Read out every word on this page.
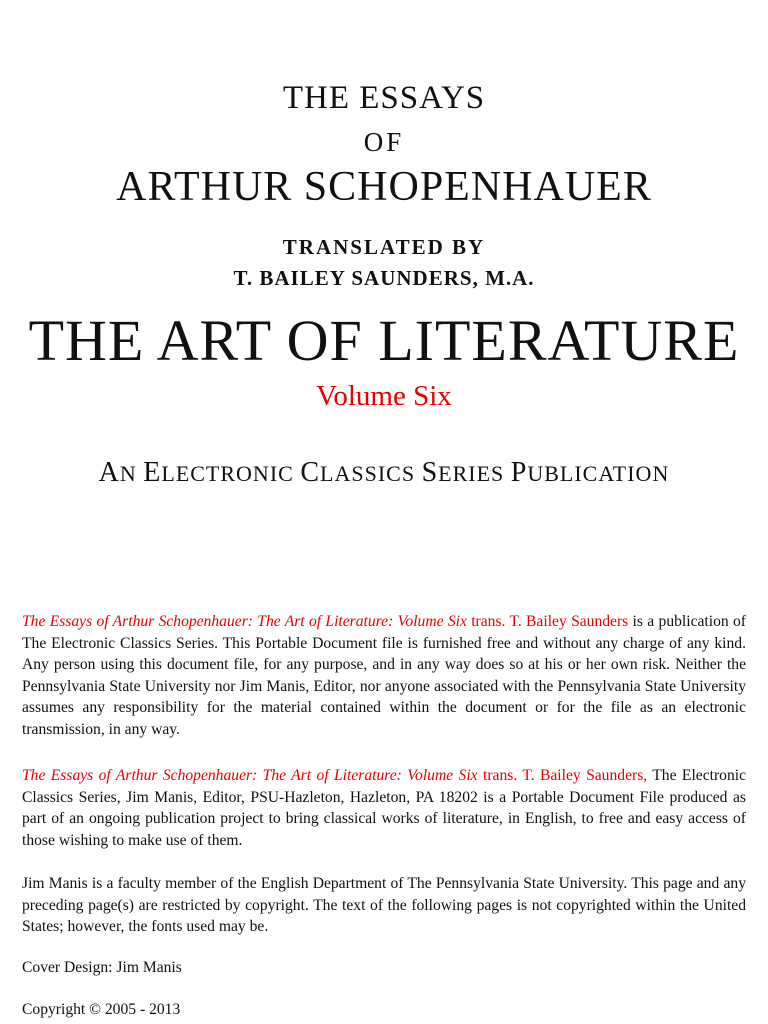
THE ESSAYS
OF
ARTHUR SCHOPENHAUER
TRANSLATED BY
T. BAILEY SAUNDERS, M.A.
THE ART OF LITERATURE
Volume Six
AN ELECTRONIC CLASSICS SERIES PUBLICATION
The Essays of Arthur Schopenhauer: The Art of Literature: Volume Six trans. T. Bailey Saunders is a publication of The Electronic Classics Series. This Portable Document file is furnished free and without any charge of any kind. Any person using this document file, for any purpose, and in any way does so at his or her own risk. Neither the Pennsylvania State University nor Jim Manis, Editor, nor anyone associated with the Pennsylvania State University assumes any responsibility for the material contained within the document or for the file as an electronic transmission, in any way.
The Essays of Arthur Schopenhauer: The Art of Literature: Volume Six trans. T. Bailey Saunders, The Electronic Classics Series, Jim Manis, Editor, PSU-Hazleton, Hazleton, PA 18202 is a Portable Document File produced as part of an ongoing publication project to bring classical works of literature, in English, to free and easy access of those wishing to make use of them.
Jim Manis is a faculty member of the English Department of The Pennsylvania State University. This page and any preceding page(s) are restricted by copyright. The text of the following pages is not copyrighted within the United States; however, the fonts used may be.
Cover Design: Jim Manis
Copyright © 2005 - 2013
